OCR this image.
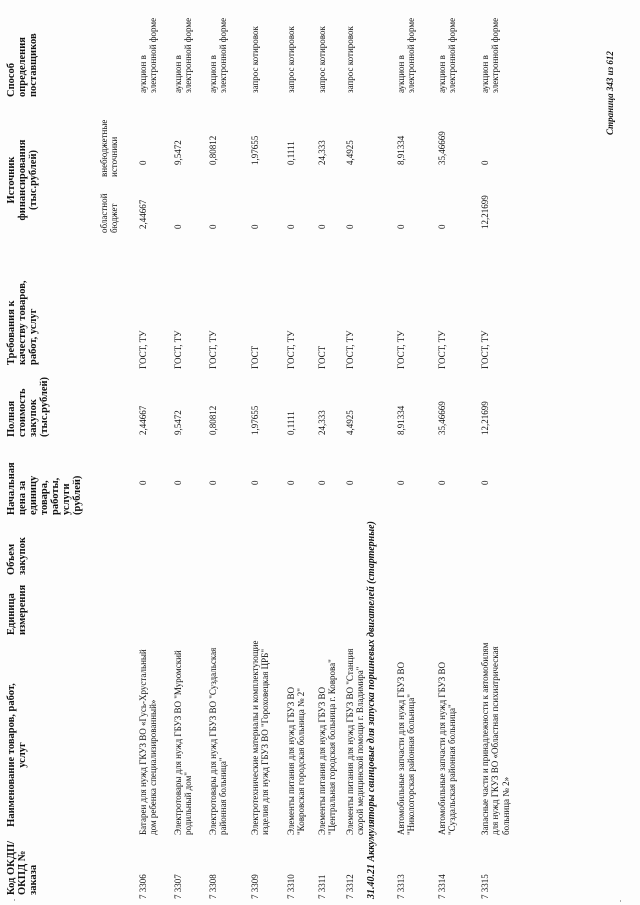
Код ОКДП/ ОКПД № заказа
Наименование товаров, работ, услуг
Единица измерения
Объем закупок
Начальная цена за единицу товара, работы, услуги (рублей)
Полная стоимость закупок (тыс.рублей)
Требования к качеству товаров, работ, услуг
Источник финансирования (тыс.рублей)
областной бюджет
внебюджетные источники
Способ определения поставщиков
7 3306
Батареи для нужд ГКУЗ ВО «Гусь-Хрустальный дом ребенка специализированный»
0
2,44667
ГОСТ, ТУ
2,44667
0
аукцион в электронной форме
7 3307
Электротовары для нужд ГБУЗ ВО "Муромский родильный дом"
0
9,5472
ГОСТ, ТУ
0
9,5472
аукцион в электронной форме
7 3308
Электротовары для нужд ГБУЗ ВО "Суздальская районная больница"
0
0,80812
ГОСТ, ТУ
0
0,80812
аукцион в электронной форме
7 3309
Электротехнические материалы и комплектующие изделия для нужд ГБУЗ ВО "Гороховецкая ЦРБ"
0
1,97655
ГОСТ
0
1,97655
запрос котировок
7 3310
Элементы питания для нужд ГБУЗ ВО "Ковровская городская больница № 2"
0
0,1111
ГОСТ, ТУ
0
0,1111
запрос котировок
7 3311
Элементы питания для нужд ГБУЗ ВО "Центральная городская больница г. Коврова"
0
24,333
ГОСТ
0
24,333
запрос котировок
7 3312
Элементы питания для нужд ГБУЗ ВО "Станция скорой медицинской помощи г. Владимира"
0
4,4925
ГОСТ, ТУ
0
4,4925
запрос котировок
7 3313
Автомобильные запчасти для нужд ГБУЗ ВО "Никологорская районная больница"
0
8,91334
ГОСТ, ТУ
0
8,91334
аукцион в электронной форме
7 3314
Автомобильные запчасти для нужд ГБУЗ ВО "Суздальская районная больница"
0
35,46669
ГОСТ, ТУ
0
35,46669
аукцион в электронной форме
7 3315
Запасные части и принадлежности к автомобилям для нужд ГКУЗ ВО «Областная психиатрическая больница № 2»
0
12,21699
ГОСТ, ТУ
12,21699
0
аукцион в электронной форме
31.40.21 Аккумуляторы свинцовые для запуска поршневых двигателей (стартерные)
Страница 343 из 612
